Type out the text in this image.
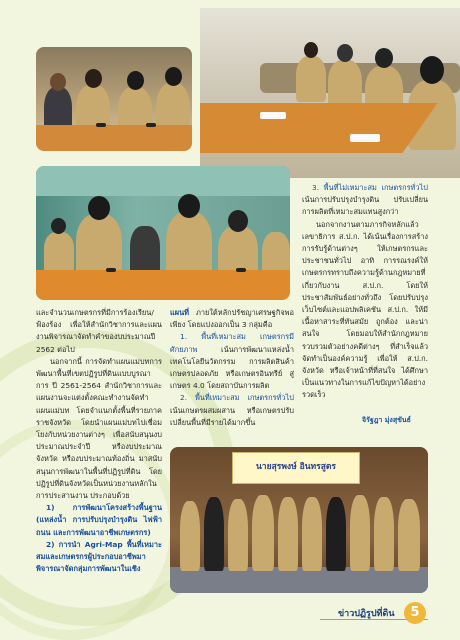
นายสุรพงษ์ อินทรสูตร

3. พื้นที่ไม่เหมาะสม เกษตรกรทั่วไป เน้นการปรับปรุงบำรุงดิน ปรับเปลี่ยนการผลิตที่เหมาะสมแทนสูงกว่า

นอกจากงานตามภารกิจหลักแล้ว เลขาธิการ ส.ป.ก. ได้เน้นเรื่องการสร้างการรับรู้ด้านต่างๆ ให้เกษตรกรและประชาชนทั่วไป อาทิ การรณรงค์ให้เกษตรกรทราบถึงความรู้ด้านกฎหมายที่เกี่ยวกับงาน ส.ป.ก. โดยให้ประชาสัมพันธ์อย่างทั่วถึง โดยปรับปรุงเว็บไซต์และแอปพลิเคชัน ส.ป.ก. ให้มีเนื้อหาสาระที่ทันสมัย ถูกต้อง และน่าสนใจ โดยมอบให้สำนักกฎหมายรวบรวมตัวอย่างคดีต่างๆ ที่สำเร็จแล้ว จัดทำเป็นองค์ความรู้ เพื่อให้ ส.ป.ก. จังหวัด หรือเจ้าหน้าที่ที่สนใจ ได้ศึกษาเป็นแนวทางในการแก้ไขปัญหาได้อย่างรวดเร็ว

จิรัฐฎา มุ่งสุขันธ์

และจำนวนเกษตรกรที่มีการร้องเรียน/ฟ้องร้อง เพื่อให้สำนักวิชาการและแผนงานพิจารณาจัดทำคำของบประมาณปี 2562 ต่อไป

นอกจากนี้ การจัดทำแผนแม่บทการพัฒนาพื้นที่เขตปฏิรูปที่ดินแบบบูรณาการ ปี 2561-2564 สำนักวิชาการและแผนงานจะแต่งตั้งคณะทำงานจัดทำแผนแม่บท โดยจำแนกตั้งพื้นที่รายภาคราชจังหวัด โดยนำแผนแม่บทไปเชื่อมโยงกับหน่วยงานต่างๆ เพื่อสนับสนุนงบประมาณประจำปี หรืองบประมาณจังหวัด หรืองบประมาณท้องถิ่น มาสนับสนุนการพัฒนาในพื้นที่ปฏิรูปที่ดิน โดยปฏิรูปที่ดินจังหวัดเป็นหน่วยงานหลักในการประสานงาน ประกอบด้วย

1) การพัฒนาโครงสร้างพื้นฐาน (แหล่งน้ำ การปรับปรุงบำรุงดิน ไฟฟ้า ถนน และการพัฒนาอาชีพเกษตรกร)

2) การนำ Agri-Map พื้นที่เหมาะสมและเกษตรกรผู้ประกอบอาชีพมาพิจารณาจัดกลุ่มการพัฒนาในเชิง

แผนที่ ภายใต้หลักปรัชญาเศรษฐกิจพอเพียง โดยแบ่งออกเป็น 3 กลุ่มคือ

1. พื้นที่เหมาะสม เกษตรกรมีศักยภาพ เน้นการพัฒนาแหล่งน้ำ เทคโนโลยีนวัตกรรม การผลิตสินค้าเกษตรปลอดภัย หรือเกษตรอินทรีย์ สู่เกษตร 4.0 โดยสถาบันการผลิต

2. พื้นที่เหมาะสม เกษตรกรทั่วไป เน้นเกษตรผสมผสาน หรือเกษตรปรับเปลี่ยนพื้นที่มีรายได้มากขึ้น

ข่าวปฏิรูปที่ดิน	5
